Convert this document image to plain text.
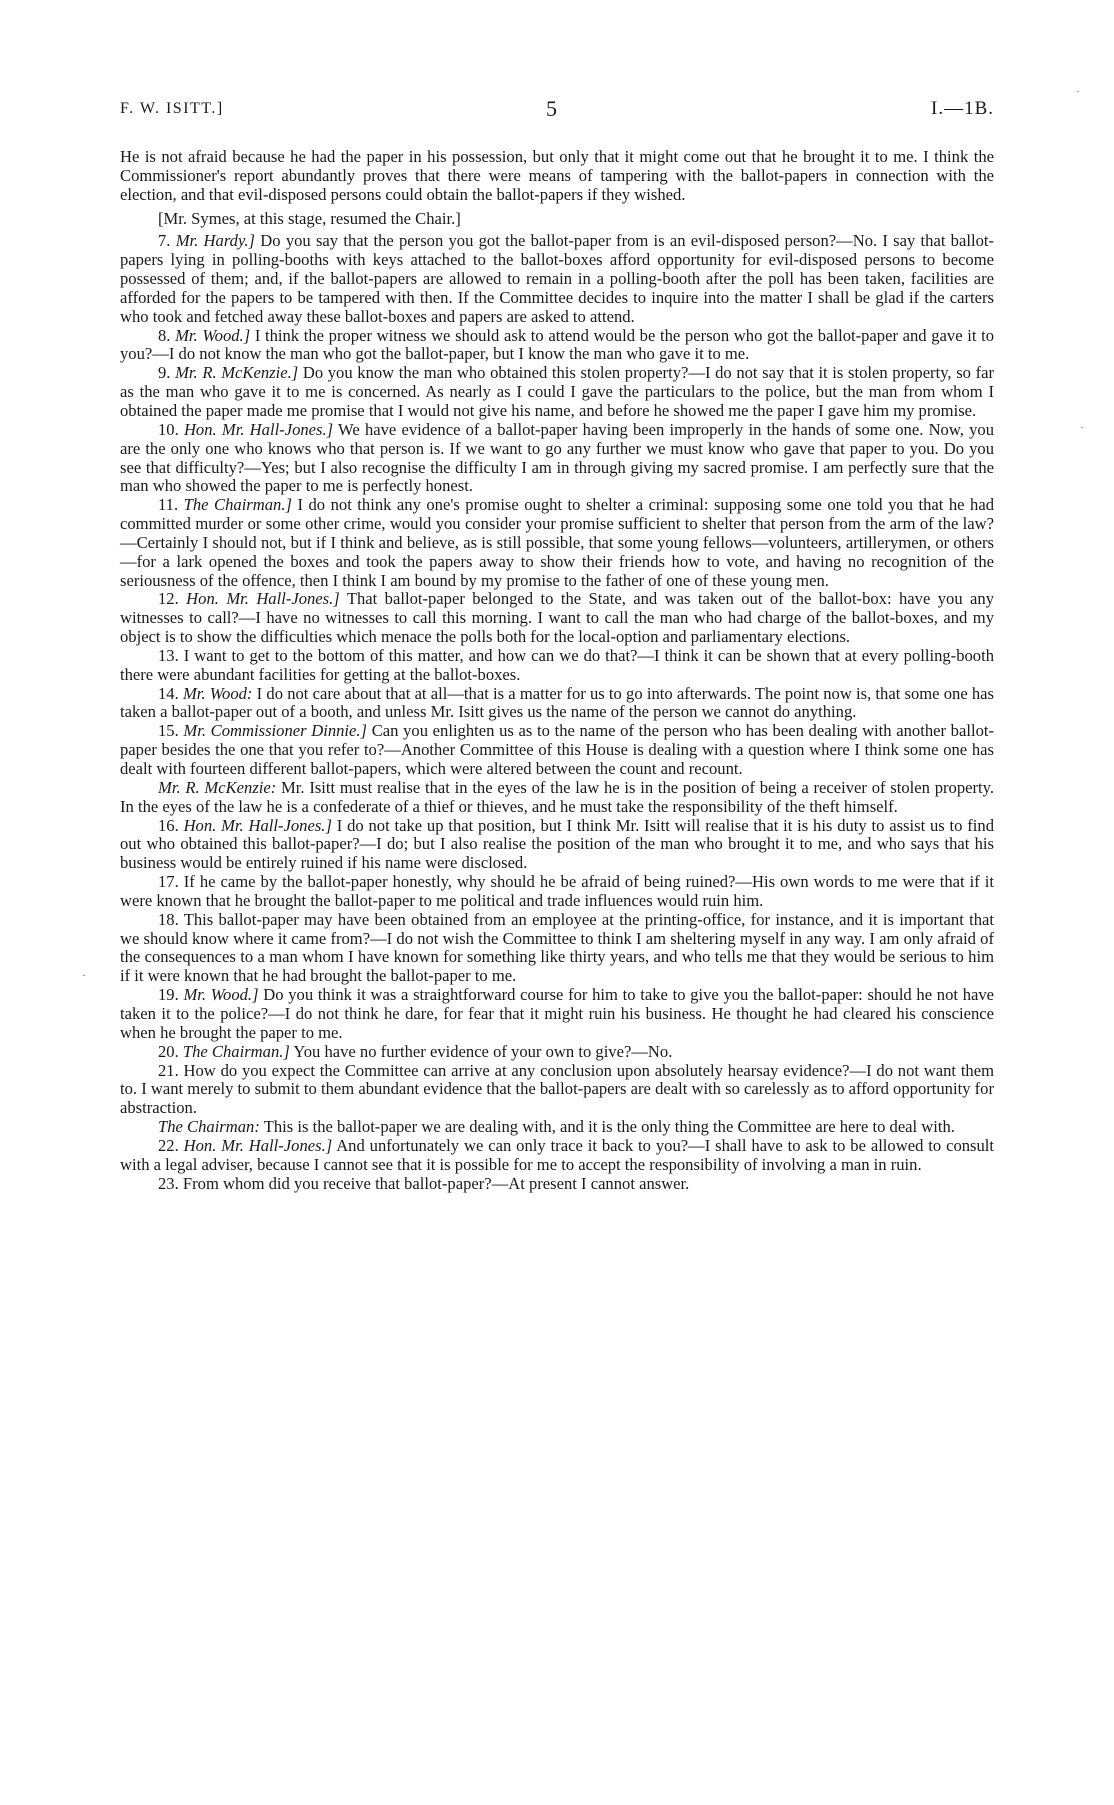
F. W. ISITT.]	5	I.—1B.

He is not afraid because he had the paper in his possession, but only that it might come out that he brought it to me. I think the Commissioner's report abundantly proves that there were means of tampering with the ballot-papers in connection with the election, and that evil-disposed persons could obtain the ballot-papers if they wished.

[Mr. Symes, at this stage, resumed the Chair.]

7. Mr. Hardy.] Do you say that the person you got the ballot-paper from is an evil-disposed person?—No. I say that ballot-papers lying in polling-booths with keys attached to the ballot-boxes afford opportunity for evil-disposed persons to become possessed of them; and, if the ballot-papers are allowed to remain in a polling-booth after the poll has been taken, facilities are afforded for the papers to be tampered with then. If the Committee decides to inquire into the matter I shall be glad if the carters who took and fetched away these ballot-boxes and papers are asked to attend.

8. Mr. Wood.] I think the proper witness we should ask to attend would be the person who got the ballot-paper and gave it to you?—I do not know the man who got the ballot-paper, but I know the man who gave it to me.

9. Mr. R. McKenzie.] Do you know the man who obtained this stolen property?—I do not say that it is stolen property, so far as the man who gave it to me is concerned. As nearly as I could I gave the particulars to the police, but the man from whom I obtained the paper made me promise that I would not give his name, and before he showed me the paper I gave him my promise.

10. Hon. Mr. Hall-Jones.] We have evidence of a ballot-paper having been improperly in the hands of some one. Now, you are the only one who knows who that person is. If we want to go any further we must know who gave that paper to you. Do you see that difficulty?—Yes; but I also recognise the difficulty I am in through giving my sacred promise. I am perfectly sure that the man who showed the paper to me is perfectly honest.

11. The Chairman.] I do not think any one's promise ought to shelter a criminal: supposing some one told you that he had committed murder or some other crime, would you consider your promise sufficient to shelter that person from the arm of the law?—Certainly I should not, but if I think and believe, as is still possible, that some young fellows—volunteers, artillerymen, or others—for a lark opened the boxes and took the papers away to show their friends how to vote, and having no recognition of the seriousness of the offence, then I think I am bound by my promise to the father of one of these young men.

12. Hon. Mr. Hall-Jones.] That ballot-paper belonged to the State, and was taken out of the ballot-box: have you any witnesses to call?—I have no witnesses to call this morning. I want to call the man who had charge of the ballot-boxes, and my object is to show the difficulties which menace the polls both for the local-option and parliamentary elections.

13. I want to get to the bottom of this matter, and how can we do that?—I think it can be shown that at every polling-booth there were abundant facilities for getting at the ballot-boxes.

14. Mr. Wood: I do not care about that at all—that is a matter for us to go into afterwards. The point now is, that some one has taken a ballot-paper out of a booth, and unless Mr. Isitt gives us the name of the person we cannot do anything.

15. Mr. Commissioner Dinnie.] Can you enlighten us as to the name of the person who has been dealing with another ballot-paper besides the one that you refer to?—Another Committee of this House is dealing with a question where I think some one has dealt with fourteen different ballot-papers, which were altered between the count and recount.

Mr. R. McKenzie: Mr. Isitt must realise that in the eyes of the law he is in the position of being a receiver of stolen property. In the eyes of the law he is a confederate of a thief or thieves, and he must take the responsibility of the theft himself.

16. Hon. Mr. Hall-Jones.] I do not take up that position, but I think Mr. Isitt will realise that it is his duty to assist us to find out who obtained this ballot-paper?—I do; but I also realise the position of the man who brought it to me, and who says that his business would be entirely ruined if his name were disclosed.

17. If he came by the ballot-paper honestly, why should he be afraid of being ruined?—His own words to me were that if it were known that he brought the ballot-paper to me political and trade influences would ruin him.

18. This ballot-paper may have been obtained from an employee at the printing-office, for instance, and it is important that we should know where it came from?—I do not wish the Committee to think I am sheltering myself in any way. I am only afraid of the consequences to a man whom I have known for something like thirty years, and who tells me that they would be serious to him if it were known that he had brought the ballot-paper to me.

19. Mr. Wood.] Do you think it was a straightforward course for him to take to give you the ballot-paper: should he not have taken it to the police?—I do not think he dare, for fear that it might ruin his business. He thought he had cleared his conscience when he brought the paper to me.

20. The Chairman.] You have no further evidence of your own to give?—No.

21. How do you expect the Committee can arrive at any conclusion upon absolutely hearsay evidence?—I do not want them to. I want merely to submit to them abundant evidence that the ballot-papers are dealt with so carelessly as to afford opportunity for abstraction.

The Chairman: This is the ballot-paper we are dealing with, and it is the only thing the Committee are here to deal with.

22. Hon. Mr. Hall-Jones.] And unfortunately we can only trace it back to you?—I shall have to ask to be allowed to consult with a legal adviser, because I cannot see that it is possible for me to accept the responsibility of involving a man in ruin.

23. From whom did you receive that ballot-paper?—At present I cannot answer.

·
·
·
